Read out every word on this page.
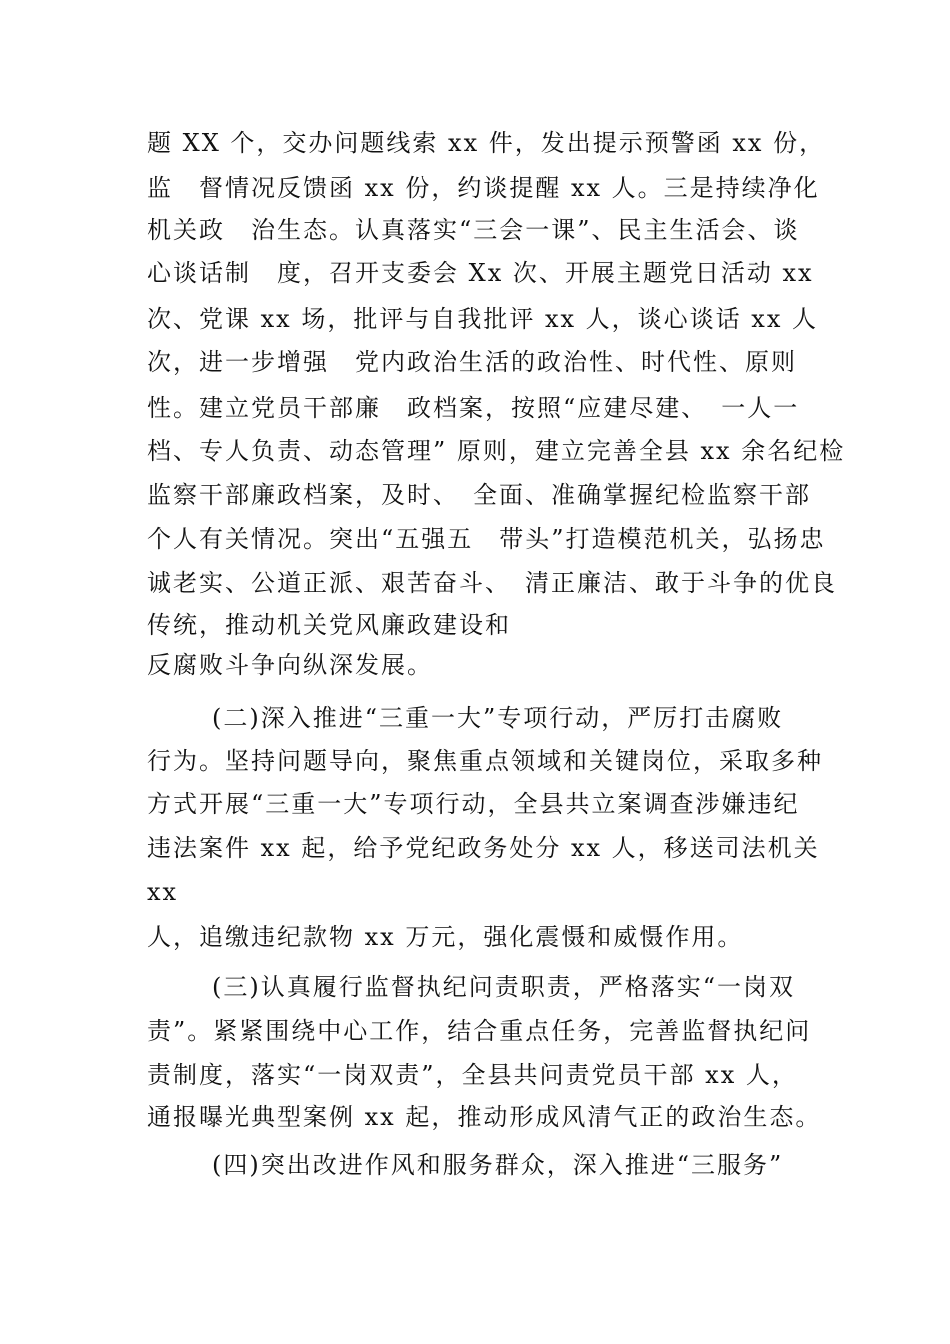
题 XX 个，交办问题线索 xx 件，发出提示预警函 xx 份，
监　督情况反馈函 xx 份，约谈提醒 xx 人。三是持续净化
机关政　治生态。认真落实“三会一课”、民主生活会、谈
心谈话制　度，召开支委会 Xx 次、开展主题党日活动 xx
次、党课 xx 场，批评与自我批评 xx 人，谈心谈话 xx 人
次，进一步增强　党内政治生活的政治性、时代性、原则
性。建立党员干部廉　政档案，按照“应建尽建、　一人一
档、专人负责、动态管理” 原则，建立完善全县 xx 余名纪检
监察干部廉政档案，及时、　全面、准确掌握纪检监察干部
个人有关情况。突出“五强五　带头”打造模范机关，弘扬忠
诚老实、公道正派、艰苦奋斗、　清正廉洁、敢于斗争的优良
传统，推动机关党风廉政建设和
反腐败斗争向纵深发展。
(二)深入推进“三重一大”专项行动，严厉打击腐败
行为。坚持问题导向，聚焦重点领域和关键岗位，采取多种
方式开展“三重一大”专项行动，全县共立案调查涉嫌违纪
违法案件 xx 起，给予党纪政务处分 xx 人，移送司法机关
xx
人，追缴违纪款物 xx 万元，强化震慑和威慑作用。
(三)认真履行监督执纪问责职责，严格落实“一岗双
责”。紧紧围绕中心工作，结合重点任务，完善监督执纪问
责制度，落实“一岗双责”，全县共问责党员干部 xx 人，
通报曝光典型案例 xx 起，推动形成风清气正的政治生态。
(四)突出改进作风和服务群众，深入推进“三服务”
